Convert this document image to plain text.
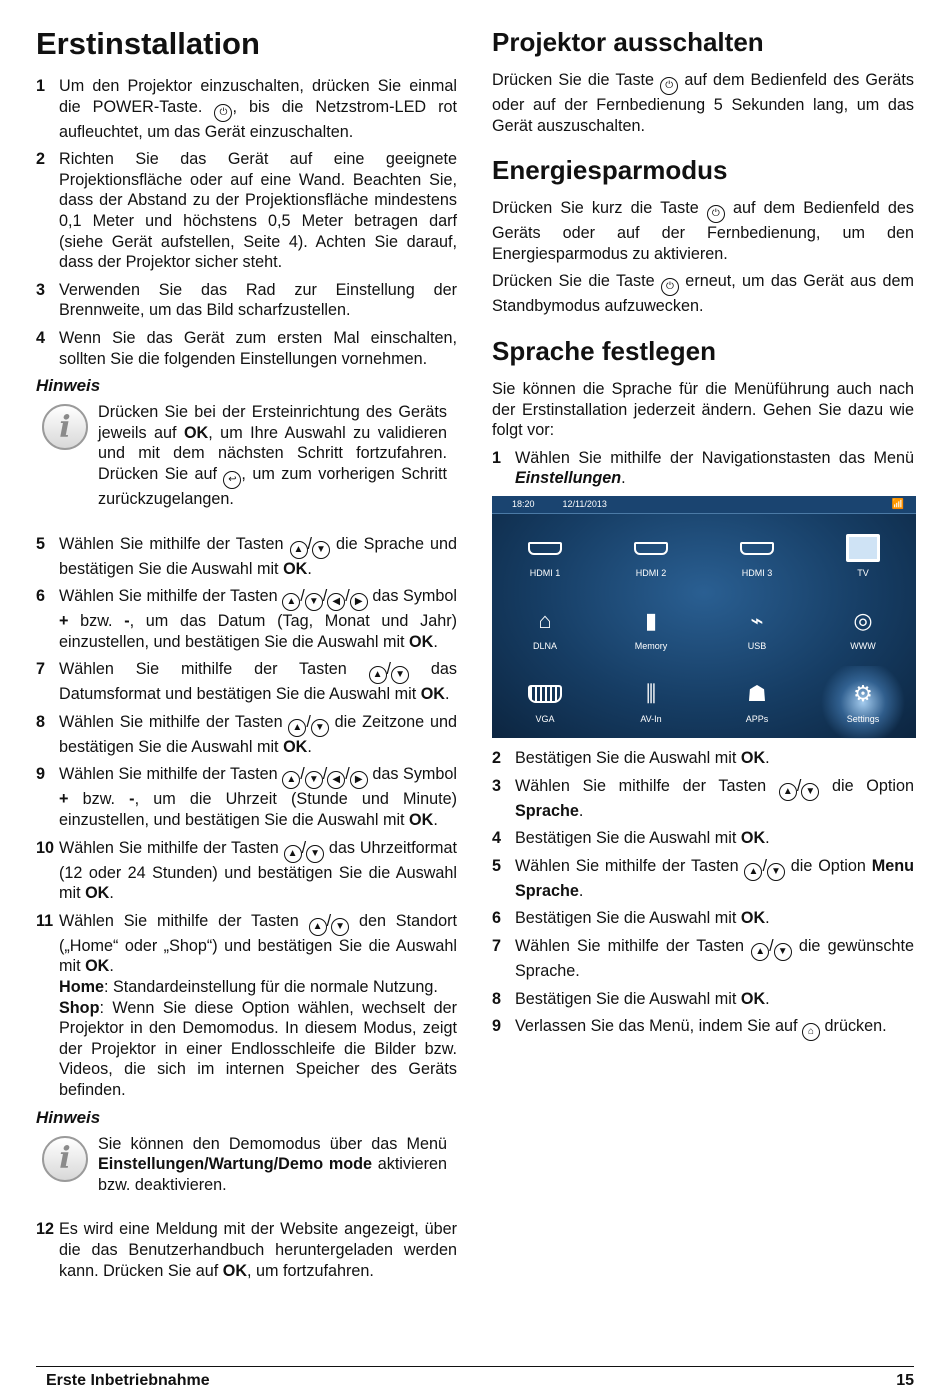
Erstinstallation
1 Um den Projektor einzuschalten, drücken Sie einmal die POWER-Taste. ⏻ , bis die Netzstrom-LED rot aufleuchtet, um das Gerät einzuschalten.
2 Richten Sie das Gerät auf eine geeignete Projektionsfläche oder auf eine Wand. Beachten Sie, dass der Abstand zu der Projektionsfläche mindestens 0,1 Meter und höchstens 0,5 Meter betragen darf (siehe Gerät aufstellen, Seite 4). Achten Sie darauf, dass der Projektor sicher steht.
3 Verwenden Sie das Rad zur Einstellung der Brennweite, um das Bild scharfzustellen.
4 Wenn Sie das Gerät zum ersten Mal einschalten, sollten Sie die folgenden Einstellungen vornehmen.
Hinweis
i	Drücken Sie bei der Ersteinrichtung des Geräts jeweils auf OK, um Ihre Auswahl zu validieren und mit dem nächsten Schritt fortzufahren. Drücken Sie auf ↩ , um zum vorherigen Schritt zurückzugelangen.
5 Wählen Sie mithilfe der Tasten ▲ / ▼ die Sprache und bestätigen Sie die Auswahl mit OK.
6 Wählen Sie mithilfe der Tasten ▲ / ▼ / ◀ / ▶ das Symbol + bzw. -, um das Datum (Tag, Monat und Jahr) einzustellen, und bestätigen Sie die Auswahl mit OK.
7 Wählen Sie mithilfe der Tasten ▲ / ▼ das Datumsformat und bestätigen Sie die Auswahl mit OK.
8 Wählen Sie mithilfe der Tasten ▲ / ▼ die Zeitzone und bestätigen Sie die Auswahl mit OK.
9 Wählen Sie mithilfe der Tasten ▲ / ▼ / ◀ / ▶ das Symbol + bzw. -, um die Uhrzeit (Stunde und Minute) einzustellen, und bestätigen Sie die Auswahl mit OK.
10 Wählen Sie mithilfe der Tasten ▲ / ▼ das Uhrzeitformat (12 oder 24 Stunden) und bestätigen Sie die Auswahl mit OK.
11 Wählen Sie mithilfe der Tasten ▲ / ▼ den Standort („Home“ oder „Shop“) und bestätigen Sie die Auswahl mit OK.
Home: Standardeinstellung für die normale Nutzung.
Shop: Wenn Sie diese Option wählen, wechselt der Projektor in den Demomodus. In diesem Modus, zeigt der Projektor in einer Endlosschleife die Bilder bzw. Videos, die sich im internen Speicher des Geräts befinden.
Hinweis
i	Sie können den Demomodus über das Menü Einstellungen/Wartung/Demo mode aktivieren bzw. deaktivieren.
12 Es wird eine Meldung mit der Website angezeigt, über die das Benutzerhandbuch heruntergeladen werden kann. Drücken Sie auf OK, um fortzufahren.
Projektor ausschalten

Drücken Sie die Taste ⏻ auf dem Bedienfeld des Geräts oder auf der Fernbedienung 5 Sekunden lang, um das Gerät auszuschalten.

Energiesparmodus

Drücken Sie kurz die Taste ⏻ auf dem Bedienfeld des Geräts oder auf der Fernbedienung, um den Energiesparmodus zu aktivieren.

Drücken Sie die Taste ⏻ erneut, um das Gerät aus dem Standbymodus aufzuwecken.

Sprache festlegen

Sie können die Sprache für die Menüführung auch nach der Erstinstallation jederzeit ändern. Gehen Sie dazu wie folgt vor:

1 Wählen Sie mithilfe der Navigationstasten das Menü Einstellungen.
18:20	12/11/2013	📶
HDMI 1	HDMI 2	HDMI 3	TV
⌂
DLNA
▮
Memory
⌁
USB
◎
WWW
VGA
⫼
AV-In
☗
APPs
⚙
Settings
2 Bestätigen Sie die Auswahl mit OK.
3 Wählen Sie mithilfe der Tasten ▲ / ▼ die Option Sprache.
4 Bestätigen Sie die Auswahl mit OK.
5 Wählen Sie mithilfe der Tasten ▲ / ▼ die Option Menu Sprache.
6 Bestätigen Sie die Auswahl mit OK.
7 Wählen Sie mithilfe der Tasten ▲ / ▼ die gewünschte Sprache.
8 Bestätigen Sie die Auswahl mit OK.
9 Verlassen Sie das Menü, indem Sie auf ⌂ drücken.
Erste Inbetriebnahme	15
